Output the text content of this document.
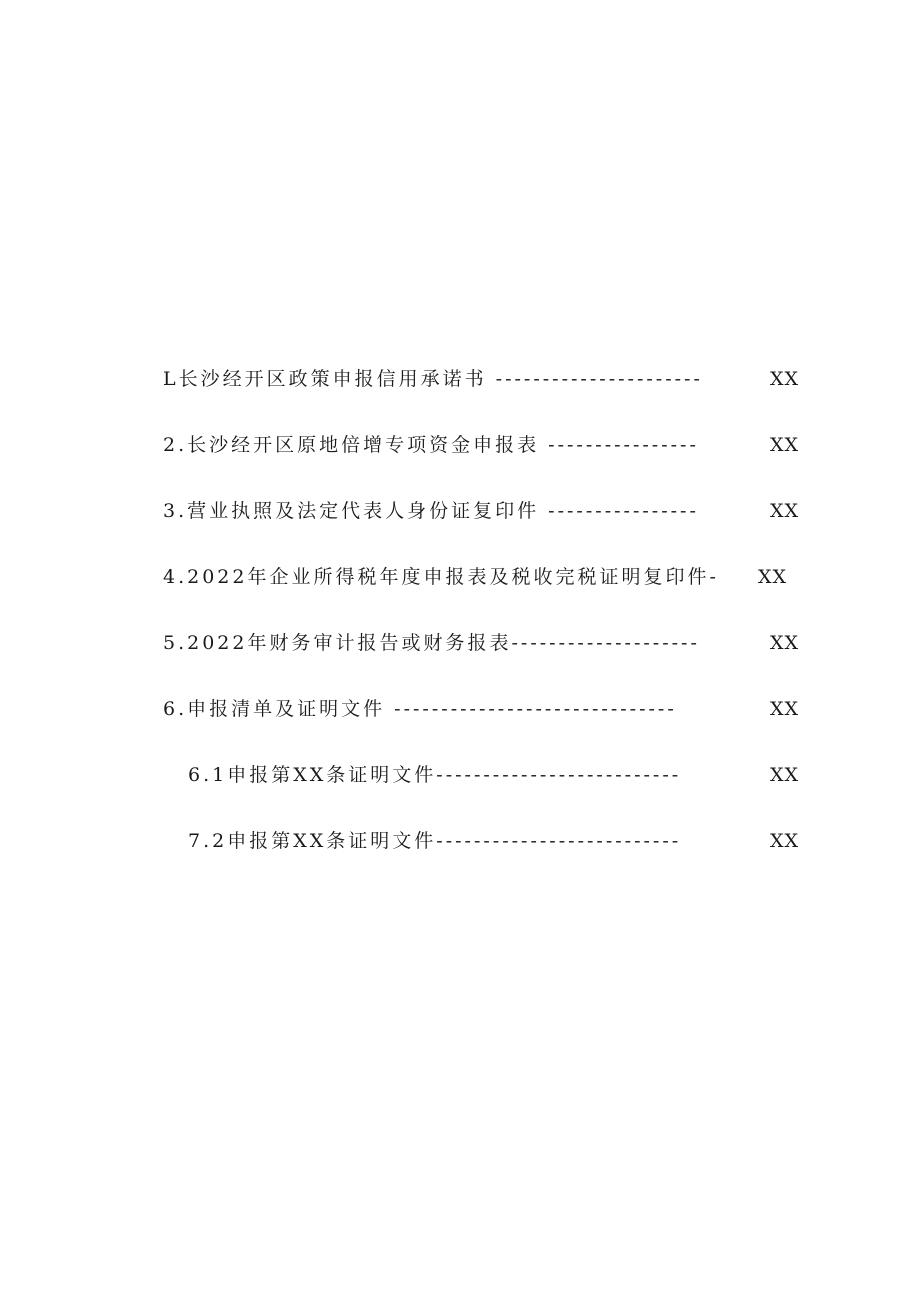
L长沙经开区政策申报信用承诺书 ----------------------

	XX

2.长沙经开区原地倍增专项资金申报表 ----------------

	XX

3.营业执照及法定代表人身份证复印件 ----------------

	XX

4.2022年企业所得税年度申报表及税收完税证明复印件-

XX

5.2022年财务审计报告或财务报表--------------------

	XX

6.申报清单及证明文件 ------------------------------

	XX

6.1申报第XX条证明文件--------------------------

	XX

7.2申报第XX条证明文件--------------------------

	XX
